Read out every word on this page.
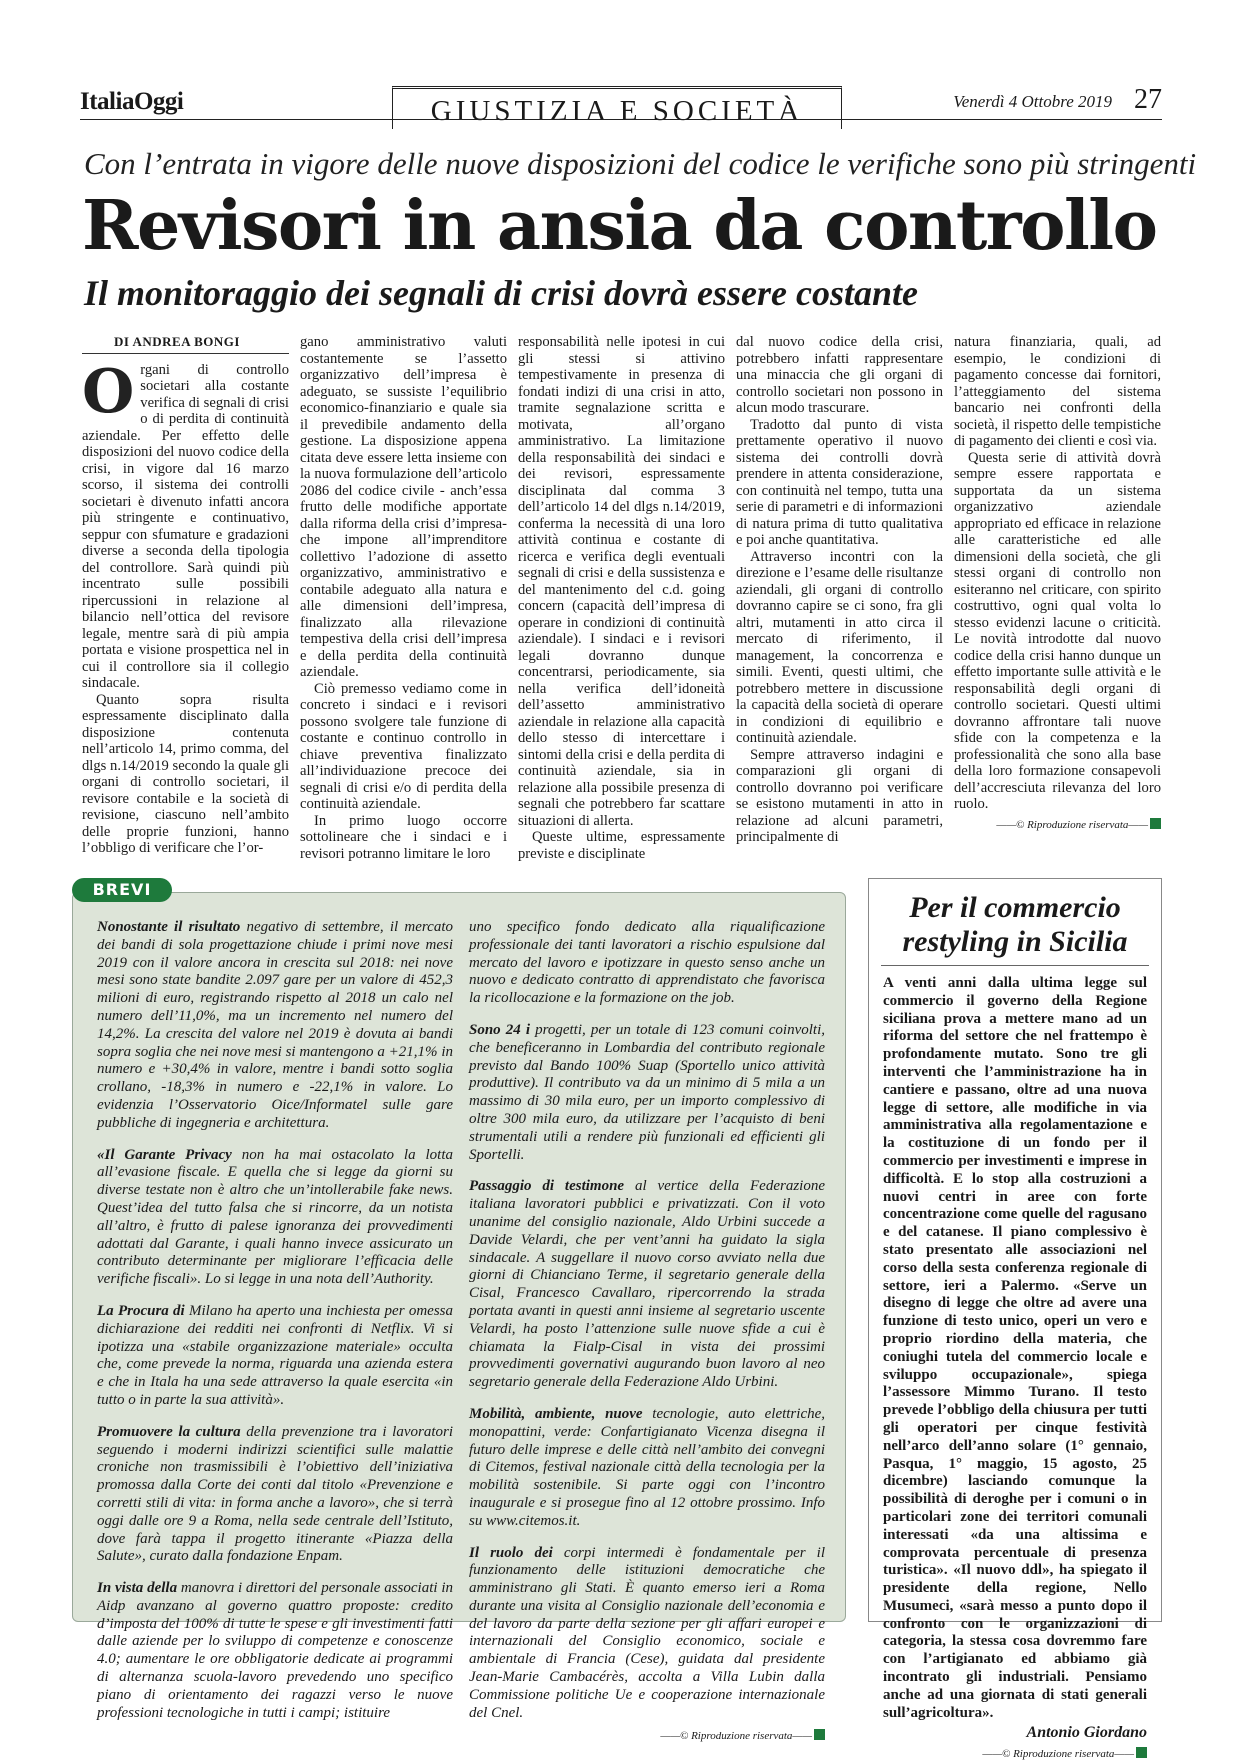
ItaliaOggi	GIUSTIZIA E SOCIETÀ	Venerdì 4 Ottobre 2019 27
Con l’entrata in vigore delle nuove disposizioni del codice le verifiche sono più stringenti
Revisori in ansia da controllo
Il monitoraggio dei segnali di crisi dovrà essere costante
DI ANDREA BONGI

Organi di controllo societari alla costante verifica di segnali di crisi o di perdita di continuità aziendale. Per effetto delle disposizioni del nuovo codice della crisi, in vigore dal 16 marzo scorso, il sistema dei controlli societari è divenuto infatti ancora più stringente e continuativo, seppur con sfumature e gradazioni diverse a seconda della tipologia del controllore. Sarà quindi più incentrato sulle possibili ripercussioni in relazione al bilancio nell’ottica del revisore legale, mentre sarà di più ampia portata e visione prospettica nel in cui il controllore sia il collegio sindacale.

Quanto sopra risulta espressamente disciplinato dalla disposizione contenuta nell’articolo 14, primo comma, del dlgs n.14/2019 secondo la quale gli organi di controllo societari, il revisore contabile e la società di revisione, ciascuno nell’ambito delle proprie funzioni, hanno l’obbligo di verificare che l’or-

gano amministrativo valuti costantemente se l’assetto organizzativo dell’impresa è adeguato, se sussiste l’equilibrio economico-finanziario e quale sia il prevedibile andamento della gestione. La disposizione appena citata deve essere letta insieme con la nuova formulazione dell’articolo 2086 del codice civile - anch’essa frutto delle modifiche apportate dalla riforma della crisi d’impresa- che impone all’imprenditore collettivo l’adozione di assetto organizzativo, amministrativo e contabile adeguato alla natura e alle dimensioni dell’impresa, finalizzato alla rilevazione tempestiva della crisi dell’impresa e della perdita della continuità aziendale.

Ciò premesso vediamo come in concreto i sindaci e i revisori possono svolgere tale funzione di costante e continuo controllo in chiave preventiva finalizzato all’individuazione precoce dei segnali di crisi e/o di perdita della continuità aziendale.

In primo luogo occorre sottolineare che i sindaci e i revisori potranno limitare le loro

responsabilità nelle ipotesi in cui gli stessi si attivino tempestivamente in presenza di fondati indizi di una crisi in atto, tramite segnalazione scritta e motivata, all’organo amministrativo. La limitazione della responsabilità dei sindaci e dei revisori, espressamente disciplinata dal comma 3 dell’articolo 14 del dlgs n.14/2019, conferma la necessità di una loro attività continua e costante di ricerca e verifica degli eventuali segnali di crisi e della sussistenza e del mantenimento del c.d. going concern (capacità dell’impresa di operare in condizioni di continuità aziendale). I sindaci e i revisori legali dovranno dunque concentrarsi, periodicamente, sia nella verifica dell’idoneità dell’assetto amministrativo aziendale in relazione alla capacità dello stesso di intercettare i sintomi della crisi e della perdita di continuità aziendale, sia in relazione alla possibile presenza di segnali che potrebbero far scattare situazioni di allerta.

Queste ultime, espressamente previste e disciplinate

dal nuovo codice della crisi, potrebbero infatti rappresentare una minaccia che gli organi di controllo societari non possono in alcun modo trascurare.

Tradotto dal punto di vista prettamente operativo il nuovo sistema dei controlli dovrà prendere in attenta considerazione, con continuità nel tempo, tutta una serie di parametri e di informazioni di natura prima di tutto qualitativa e poi anche quantitativa.

Attraverso incontri con la direzione e l’esame delle risultanze aziendali, gli organi di controllo dovranno capire se ci sono, fra gli altri, mutamenti in atto circa il mercato di riferimento, il management, la concorrenza e simili. Eventi, questi ultimi, che potrebbero mettere in discussione la capacità della società di operare in condizioni di equilibrio e continuità aziendale.

Sempre attraverso indagini e comparazioni gli organi di controllo dovranno poi verificare se esistono mutamenti in atto in relazione ad alcuni parametri, principalmente di

natura finanziaria, quali, ad esempio, le condizioni di pagamento concesse dai fornitori, l’atteggiamento del sistema bancario nei confronti della società, il rispetto delle tempistiche di pagamento dei clienti e così via.

Questa serie di attività dovrà sempre essere rapportata e supportata da un sistema organizzativo aziendale appropriato ed efficace in relazione alle caratteristiche ed alle dimensioni della società, che gli stessi organi di controllo non esiteranno nel criticare, con spirito costruttivo, ogni qual volta lo stesso evidenzi lacune o criticità. Le novità introdotte dal nuovo codice della crisi hanno dunque un effetto importante sulle attività e le responsabilità degli organi di controllo societari. Questi ultimi dovranno affrontare tali nuove sfide con la competenza e la professionalità che sono alla base della loro formazione consapevoli dell’accresciuta rilevanza del loro ruolo.

——© Riproduzione riservata——

Nonostante il risultato negativo di settembre, il mercato dei bandi di sola progettazione chiude i primi nove mesi 2019 con il valore ancora in crescita sul 2018: nei nove mesi sono state bandite 2.097 gare per un valore di 452,3 milioni di euro, registrando rispetto al 2018 un calo nel numero dell’11,0%, ma un incremento nel numero del 14,2%. La crescita del valore nel 2019 è dovuta ai bandi sopra soglia che nei nove mesi si mantengono a +21,1% in numero e +30,4% in valore, mentre i bandi sotto soglia crollano, -18,3% in numero e -22,1% in valore. Lo evidenzia l’Osservatorio Oice/Informatel sulle gare pubbliche di ingegneria e architettura.

«Il Garante Privacy non ha mai ostacolato la lotta all’evasione fiscale. E quella che si legge da giorni su diverse testate non è altro che un’intollerabile fake news. Quest’idea del tutto falsa che si rincorre, da un notista all’altro, è frutto di palese ignoranza dei provvedimenti adottati dal Garante, i quali hanno invece assicurato un contributo determinante per migliorare l’efficacia delle verifiche fiscali». Lo si legge in una nota dell’Authority.

La Procura di Milano ha aperto una inchiesta per omessa dichiarazione dei redditi nei confronti di Netflix. Vi si ipotizza una «stabile organizzazione materiale» occulta che, come prevede la norma, riguarda una azienda estera e che in Itala ha una sede attraverso la quale esercita «in tutto o in parte la sua attività».

Promuovere la cultura della prevenzione tra i lavoratori seguendo i moderni indirizzi scientifici sulle malattie croniche non trasmissibili è l’obiettivo dell’iniziativa promossa dalla Corte dei conti dal titolo «Prevenzione e corretti stili di vita: in forma anche a lavoro», che si terrà oggi dalle ore 9 a Roma, nella sede centrale dell’Istituto, dove farà tappa il progetto itinerante «Piazza della Salute», curato dalla fondazione Enpam.

In vista della manovra i direttori del personale associati in Aidp avanzano al governo quattro proposte: credito d’imposta del 100% di tutte le spese e gli investimenti fatti dalle aziende per lo sviluppo di competenze e conoscenze 4.0; aumentare le ore obbligatorie dedicate ai programmi di alternanza scuola-lavoro prevedendo uno specifico piano di orientamento dei ragazzi verso le nuove professioni tecnologiche in tutti i campi; istituire

uno specifico fondo dedicato alla riqualificazione professionale dei tanti lavoratori a rischio espulsione dal mercato del lavoro e ipotizzare in questo senso anche un nuovo e dedicato contratto di apprendistato che favorisca la ricollocazione e la formazione on the job.

Sono 24 i progetti, per un totale di 123 comuni coinvolti, che beneficeranno in Lombardia del contributo regionale previsto dal Bando 100% Suap (Sportello unico attività produttive). Il contributo va da un minimo di 5 mila a un massimo di 30 mila euro, per un importo complessivo di oltre 300 mila euro, da utilizzare per l’acquisto di beni strumentali utili a rendere più funzionali ed efficienti gli Sportelli.

Passaggio di testimone al vertice della Federazione italiana lavoratori pubblici e privatizzati. Con il voto unanime del consiglio nazionale, Aldo Urbini succede a Davide Velardi, che per vent’anni ha guidato la sigla sindacale. A suggellare il nuovo corso avviato nella due giorni di Chianciano Terme, il segretario generale della Cisal, Francesco Cavallaro, ripercorrendo la strada portata avanti in questi anni insieme al segretario uscente Velardi, ha posto l’attenzione sulle nuove sfide a cui è chiamata la Fialp-Cisal in vista dei prossimi provvedimenti governativi augurando buon lavoro al neo segretario generale della Federazione Aldo Urbini.

Mobilità, ambiente, nuove tecnologie, auto elettriche, monopattini, verde: Confartigianato Vicenza disegna il futuro delle imprese e delle città nell’ambito dei convegni di Citemos, festival nazionale città della tecnologia per la mobilità sostenibile. Si parte oggi con l’incontro inaugurale e si prosegue fino al 12 ottobre prossimo. Info su www.citemos.it.

Il ruolo dei corpi intermedi è fondamentale per il funzionamento delle istituzioni democratiche che amministrano gli Stati. È quanto emerso ieri a Roma durante una visita al Consiglio nazionale dell’economia e del lavoro da parte della sezione per gli affari europei e internazionali del Consiglio economico, sociale e ambientale di Francia (Cese), guidata dal presidente Jean-Marie Cambacérès, accolta a Villa Lubin dalla Commissione politiche Ue e cooperazione internazionale del Cnel.

——© Riproduzione riservata——
BREVI
Per il commercio restyling in Sicilia
A venti anni dalla ultima legge sul commercio il governo della Regione siciliana prova a mettere mano ad un riforma del settore che nel frattempo è profondamente mutato. Sono tre gli interventi che l’amministrazione ha in cantiere e passano, oltre ad una nuova legge di settore, alle modifiche in via amministrativa alla regolamentazione e la costituzione di un fondo per il commercio per investimenti e imprese in difficoltà. E lo stop alla costruzioni a nuovi centri in aree con forte concentrazione come quelle del ragusano e del catanese. Il piano complessivo è stato presentato alle associazioni nel corso della sesta conferenza regionale di settore, ieri a Palermo. «Serve un disegno di legge che oltre ad avere una funzione di testo unico, operi un vero e proprio riordino della materia, che coniughi tutela del commercio locale e sviluppo occupazionale», spiega l’assessore Mimmo Turano. Il testo prevede l’obbligo della chiusura per tutti gli operatori per cinque festività nell’arco dell’anno solare (1° gennaio, Pasqua, 1° maggio, 15 agosto, 25 dicembre) lasciando comunque la possibilità di deroghe per i comuni o in particolari zone dei territori comunali interessati «da una altissima e comprovata percentuale di presenza turistica». «Il nuovo ddl», ha spiegato il presidente della regione, Nello Musumeci, «sarà messo a punto dopo il confronto con le organizzazioni di categoria, la stessa cosa dovremmo fare con l’artigianato ed abbiamo già incontrato gli industriali. Pensiamo anche ad una giornata di stati generali sull’agricoltura».
Antonio Giordano
——© Riproduzione riservata——
